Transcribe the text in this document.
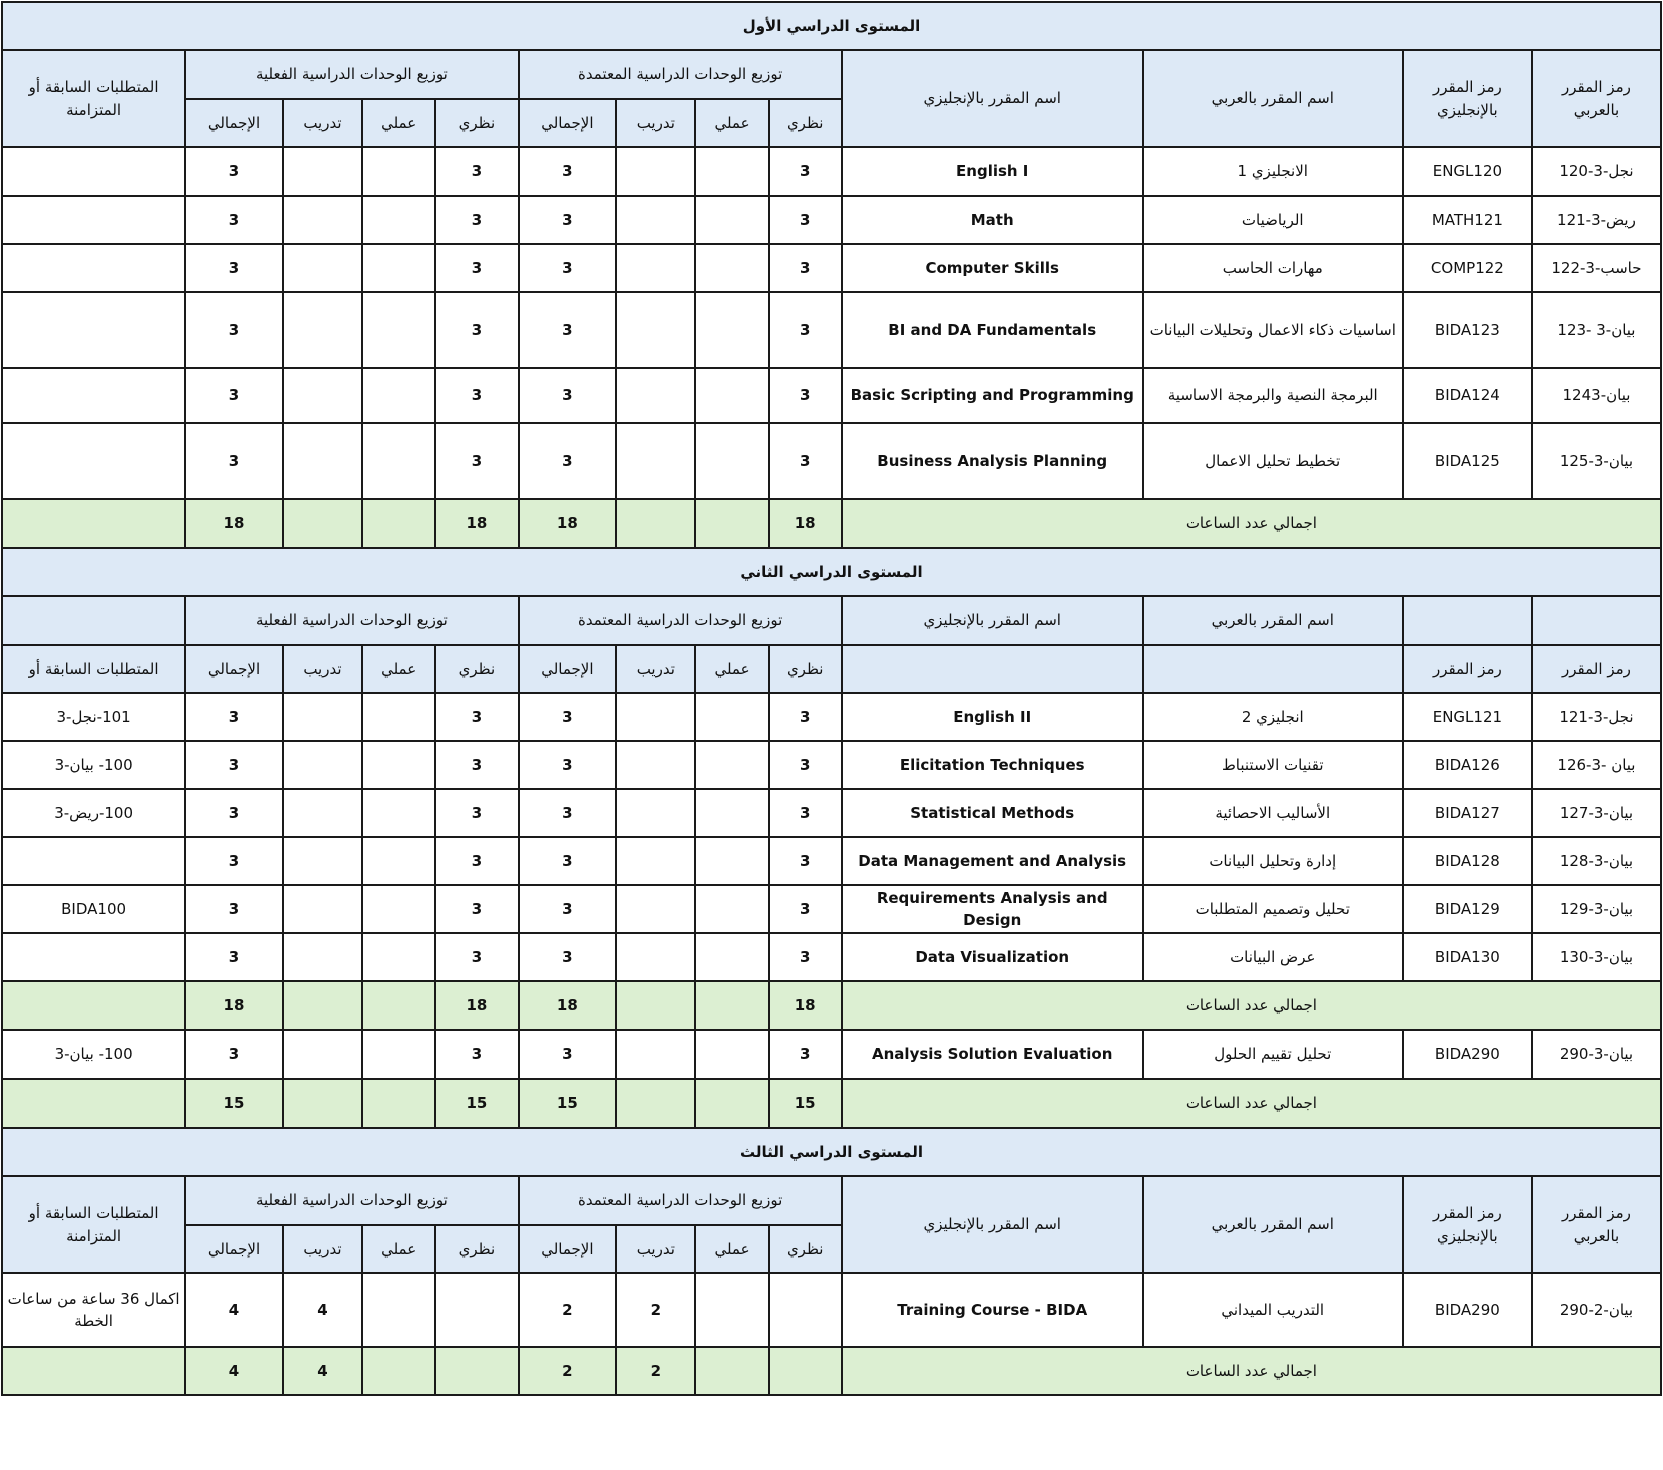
المستوى الدراسي الأول												
رمز المقرر بالعربي	رمز المقرر بالإنجليزي	اسم المقرر بالعربي	اسم المقرر بالإنجليزي	توزيع الوحدات الدراسية المعتمدة				توزيع الوحدات الدراسية الفعلية				المتطلبات السابقة أو المتزامنة
				نظري	عملي	تدريب	الإجمالي	نظري	عملي	تدريب	الإجمالي	
120-نجل-3	ENGL120	الانجليزي 1	English I	3			3	3			3	
121-ريض-3	MATH121	الرياضيات	Math	3			3	3			3	
122-حاسب-3	COMP122	مهارات الحاسب	Computer Skills	3			3	3			3	
123- بيان-3	BIDA123	اساسيات ذكاء الاعمال وتحليلات البيانات	BI and DA Fundamentals	3			3	3			3	
124بيان-3	BIDA124	البرمجة النصية والبرمجة الاساسية	Basic Scripting and Programming	3			3	3			3	
125-بيان-3	BIDA125	تخطيط تحليل الاعمال	Business Analysis Planning	3			3	3			3	
اجمالي عدد الساعات				18			18	18			18	
المستوى الدراسي الثاني												
		اسم المقرر بالعربي	اسم المقرر بالإنجليزي	توزيع الوحدات الدراسية المعتمدة				توزيع الوحدات الدراسية الفعلية				
رمز المقرر	رمز المقرر			نظري	عملي	تدريب	الإجمالي	نظري	عملي	تدريب	الإجمالي	المتطلبات السابقة أو
121-نجل-3	ENGL121	انجليزي 2	English II	3			3	3			3	101-نجل-3
126-بيان -3	BIDA126	تقنيات الاستنباط	Elicitation Techniques	3			3	3			3	100- بيان-3
127-بيان-3	BIDA127	الأساليب الاحصائية	Statistical Methods	3			3	3			3	100-ريض-3
128-بيان-3	BIDA128	إدارة وتحليل البيانات	Data Management and Analysis	3			3	3			3	
129-بيان-3	BIDA129	تحليل وتصميم المتطلبات	Requirements Analysis and Design	3			3	3			3	BIDA100
130-بيان-3	BIDA130	عرض البيانات	Data Visualization	3			3	3			3	
اجمالي عدد الساعات				18			18	18			18	
290-بيان-3	BIDA290	تحليل تقييم الحلول	Analysis Solution Evaluation	3			3	3			3	100- بيان-3
اجمالي عدد الساعات				15			15	15			15	
المستوى الدراسي الثالث												
رمز المقرر بالعربي	رمز المقرر بالإنجليزي	اسم المقرر بالعربي	اسم المقرر بالإنجليزي	توزيع الوحدات الدراسية المعتمدة				توزيع الوحدات الدراسية الفعلية				المتطلبات السابقة أو المتزامنة
				نظري	عملي	تدريب	الإجمالي	نظري	عملي	تدريب	الإجمالي	
290-بيان-2	BIDA290	التدريب الميداني	Training Course - BIDA			2	2			4	4	اكمال 36 ساعة من ساعات الخطة
اجمالي عدد الساعات						2	2			4	4	
